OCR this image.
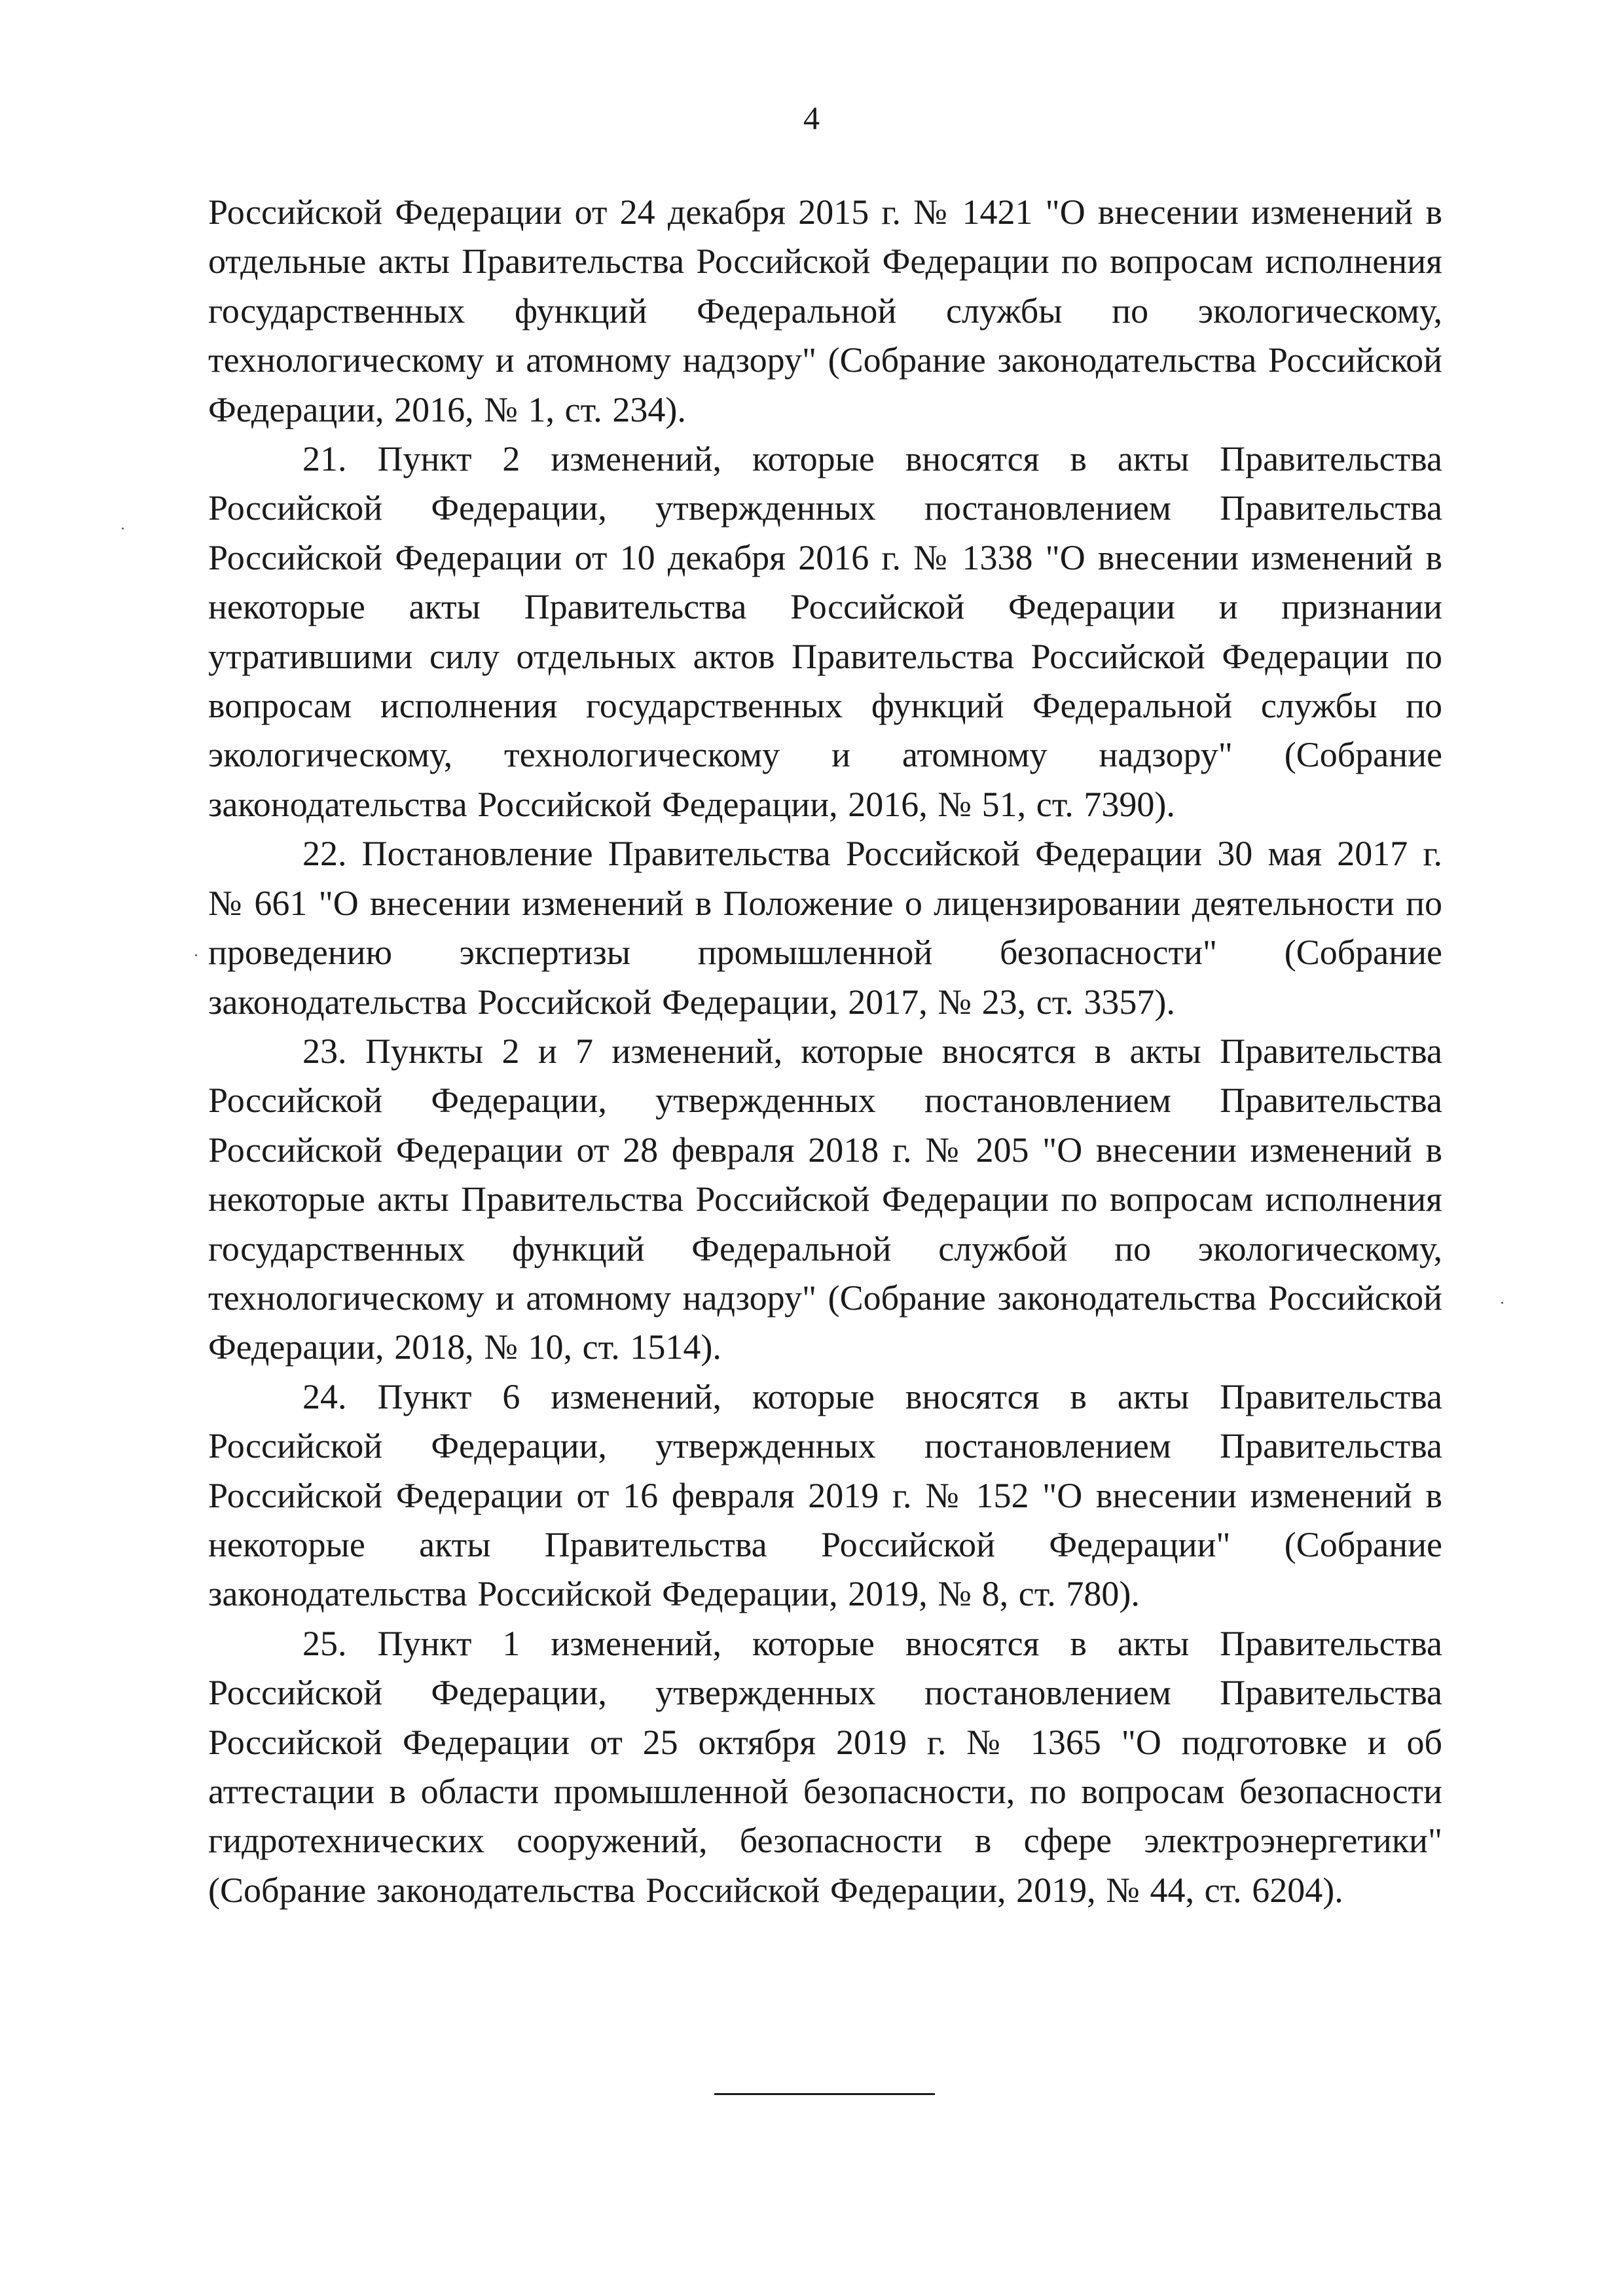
4

Российской Федерации от 24 декабря 2015 г. № 1421 "О внесении изменений в отдельные акты Правительства Российской Федерации по вопросам исполнения государственных функций Федеральной службы по экологическому, технологическому и атомному надзору" (Собрание законодательства Российской Федерации, 2016, № 1, ст. 234).

21. Пункт 2 изменений, которые вносятся в акты Правительства Российской Федерации, утвержденных постановлением Правительства Российской Федерации от 10 декабря 2016 г. № 1338 "О внесении изменений в некоторые акты Правительства Российской Федерации и признании утратившими силу отдельных актов Правительства Российской Федерации по вопросам исполнения государственных функций Федеральной службы по экологическому, технологическому и атомному надзору" (Собрание законодательства Российской Федерации, 2016, № 51, ст. 7390).

22. Постановление Правительства Российской Федерации 30 мая 2017 г. № 661 "О внесении изменений в Положение о лицензировании деятельности по проведению экспертизы промышленной безопасности" (Собрание законодательства Российской Федерации, 2017, № 23, ст. 3357).

23. Пункты 2 и 7 изменений, которые вносятся в акты Правительства Российской Федерации, утвержденных постановлением Правительства Российской Федерации от 28 февраля 2018 г. № 205 "О внесении изменений в некоторые акты Правительства Российской Федерации по вопросам исполнения государственных функций Федеральной службой по экологическому, технологическому и атомному надзору" (Собрание законодательства Российской Федерации, 2018, № 10, ст. 1514).

24. Пункт 6 изменений, которые вносятся в акты Правительства Российской Федерации, утвержденных постановлением Правительства Российской Федерации от 16 февраля 2019 г. № 152 "О внесении изменений в некоторые акты Правительства Российской Федерации" (Собрание законодательства Российской Федерации, 2019, № 8, ст. 780).

25. Пункт 1 изменений, которые вносятся в акты Правительства Российской Федерации, утвержденных постановлением Правительства Российской Федерации от 25 октября 2019 г. № 1365 "О подготовке и об аттестации в области промышленной безопасности, по вопросам безопасности гидротехнических сооружений, безопасности в сфере электроэнергетики" (Собрание законодательства Российской Федерации, 2019, № 44, ст. 6204).
